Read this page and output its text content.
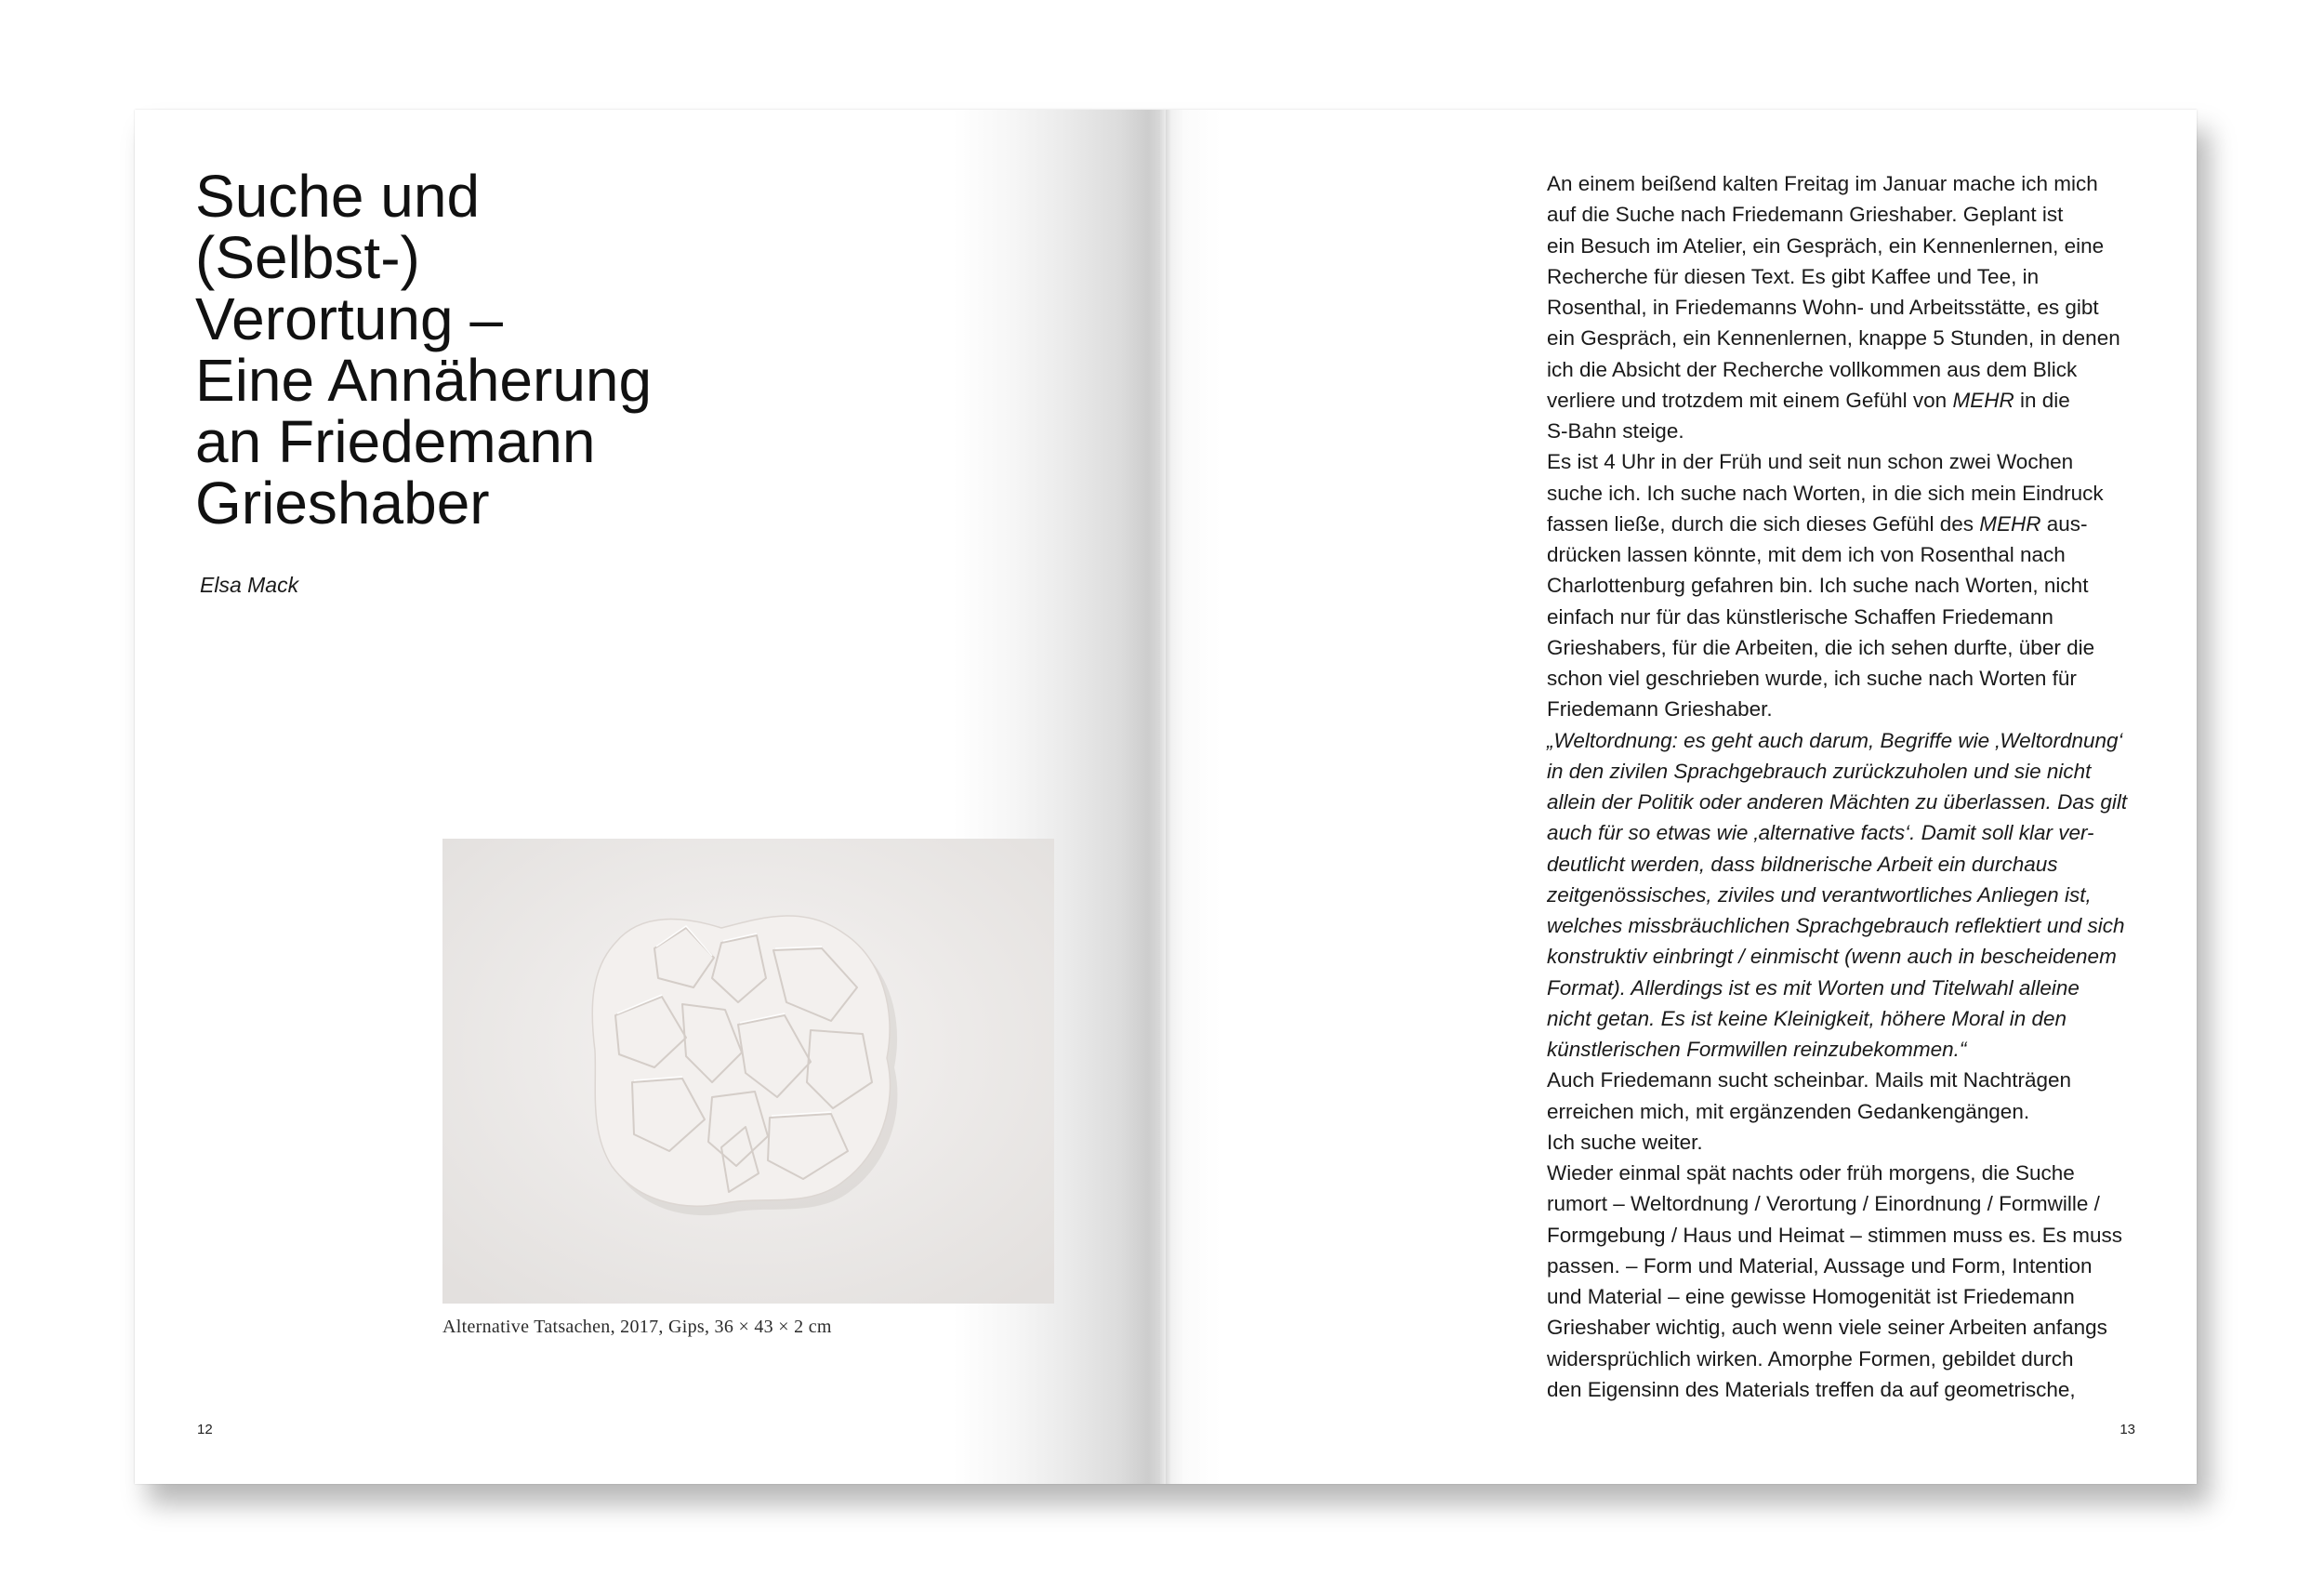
Suche und
(Selbst-)
Verortung –
Eine Annäherung
an Friedemann
Grieshaber

Elsa Mack

Alternative Tatsachen, 2017, Gips, 36 × 43 × 2 cm

12

An einem beißend kalten Freitag im Januar mache ich mich
auf die Suche nach Friedemann Grieshaber. Geplant ist
ein Besuch im Atelier, ein Gespräch, ein Kennenlernen, eine
Recherche für diesen Text. Es gibt Kaffee und Tee, in
Rosenthal, in Friedemanns Wohn- und Arbeitsstätte, es gibt
ein Gespräch, ein Kennenlernen, knappe 5 Stunden, in denen
ich die Absicht der Recherche vollkommen aus dem Blick
verliere und trotzdem mit einem Gefühl von MEHR in die
S-Bahn steige.
Es ist 4 Uhr in der Früh und seit nun schon zwei Wochen
suche ich. Ich suche nach Worten, in die sich mein Eindruck
fassen ließe, durch die sich dieses Gefühl des MEHR aus-
drücken lassen könnte, mit dem ich von Rosenthal nach
Charlottenburg gefahren bin. Ich suche nach Worten, nicht
einfach nur für das künstlerische Schaffen Friedemann
Grieshabers, für die Arbeiten, die ich sehen durfte, über die
schon viel geschrieben wurde, ich suche nach Worten für
Friedemann Grieshaber.
„Weltordnung: es geht auch darum, Begriffe wie ‚Weltordnung‘
in den zivilen Sprachgebrauch zurückzuholen und sie nicht
allein der Politik oder anderen Mächten zu überlassen. Das gilt
auch für so etwas wie ‚alternative facts‘. Damit soll klar ver-
deutlicht werden, dass bildnerische Arbeit ein durchaus
zeitgenössisches, ziviles und verantwortliches Anliegen ist,
welches missbräuchlichen Sprachgebrauch reflektiert und sich
konstruktiv einbringt / einmischt (wenn auch in bescheidenem
Format). Allerdings ist es mit Worten und Titelwahl alleine
nicht getan. Es ist keine Kleinigkeit, höhere Moral in den
künstlerischen Formwillen reinzubekommen.“
Auch Friedemann sucht scheinbar. Mails mit Nachträgen
erreichen mich, mit ergänzenden Gedankengängen.
Ich suche weiter.
Wieder einmal spät nachts oder früh morgens, die Suche
rumort – Weltordnung / Verortung / Einordnung / Formwille /
Formgebung / Haus und Heimat – stimmen muss es. Es muss
passen. – Form und Material, Aussage und Form, Intention
und Material – eine gewisse Homogenität ist Friedemann
Grieshaber wichtig, auch wenn viele seiner Arbeiten anfangs
widersprüchlich wirken. Amorphe Formen, gebildet durch
den Eigensinn des Materials treffen da auf geometrische,

13
